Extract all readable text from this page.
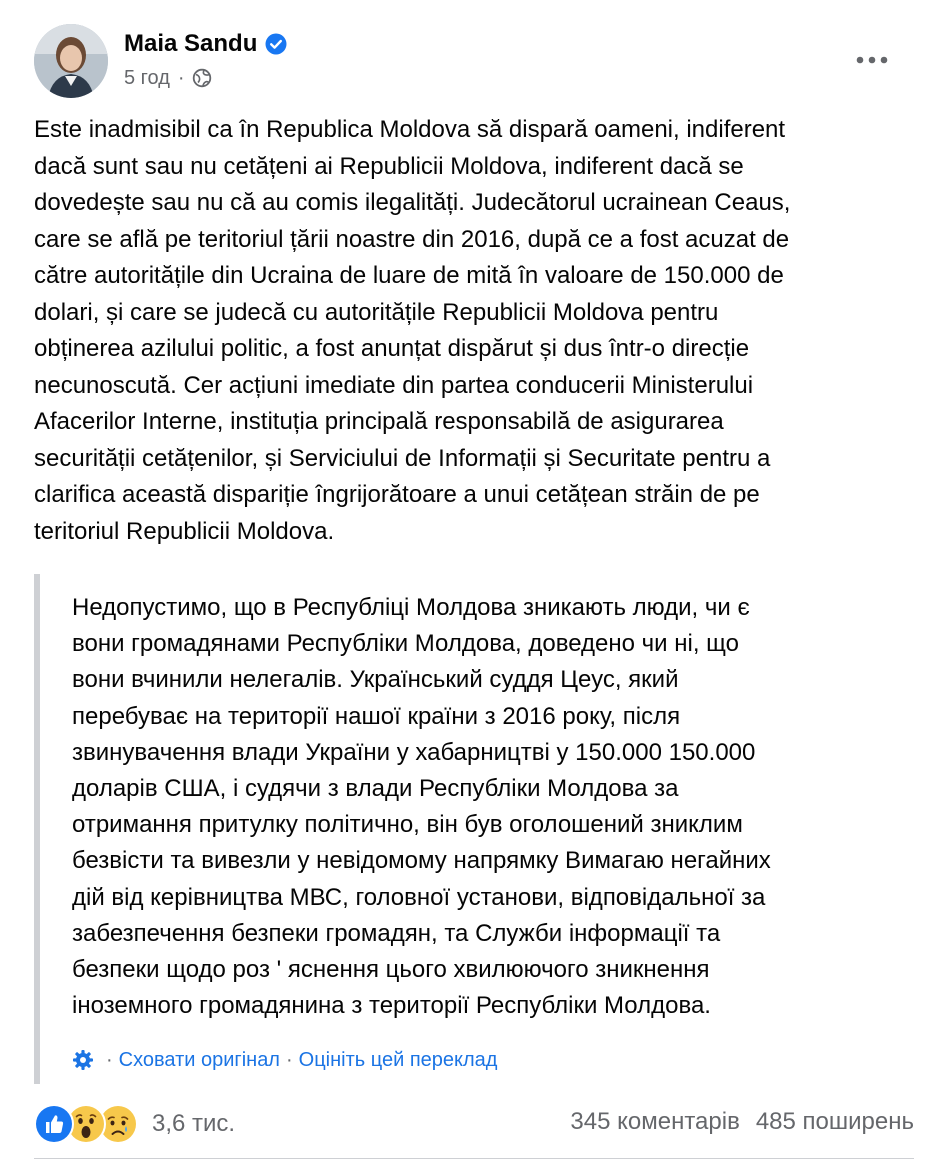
Maia Sandu
5 год ·
Este inadmisibil ca în Republica Moldova să dispară oameni, indiferent
dacă sunt sau nu cetățeni ai Republicii Moldova, indiferent dacă se
dovedește sau nu că au comis ilegalități. Judecătorul ucrainean Ceaus,
care se află pe teritoriul țării noastre din 2016, după ce a fost acuzat de
către autoritățile din Ucraina de luare de mită în valoare de 150.000 de
dolari, și care se judecă cu autoritățile Republicii Moldova pentru
obținerea azilului politic, a fost anunțat dispărut și dus într-o direcție
necunoscută. Cer acțiuni imediate din partea conducerii Ministerului
Afacerilor Interne, instituția principală responsabilă de asigurarea
securității cetățenilor, și Serviciului de Informații și Securitate pentru a
clarifica această dispariție îngrijorătoare a unui cetățean străin de pe
teritoriul Republicii Moldova.
Недопустимо, що в Республіці Молдова зникають люди, чи є
вони громадянами Республіки Молдова, доведено чи ні, що
вони вчинили нелегалів. Український суддя Цеус, який
перебуває на території нашої країни з 2016 року, після
звинувачення влади України у хабарництві у 150.000 150.000
доларів США, і судячи з влади Республіки Молдова за
отримання притулку політично, він був оголошений зниклим
безвісти та вивезли у невідомому напрямку Вимагаю негайних
дій від керівництва МВС, головної установи, відповідальної за
забезпечення безпеки громадян, та Служби інформації та
безпеки щодо роз ' яснення цього хвилюючого зникнення
іноземного громадянина з території Республіки Молдова.
· Сховати оригінал · Оцініть цей переклад
3,6 тис.	345 коментарів 485 поширень
